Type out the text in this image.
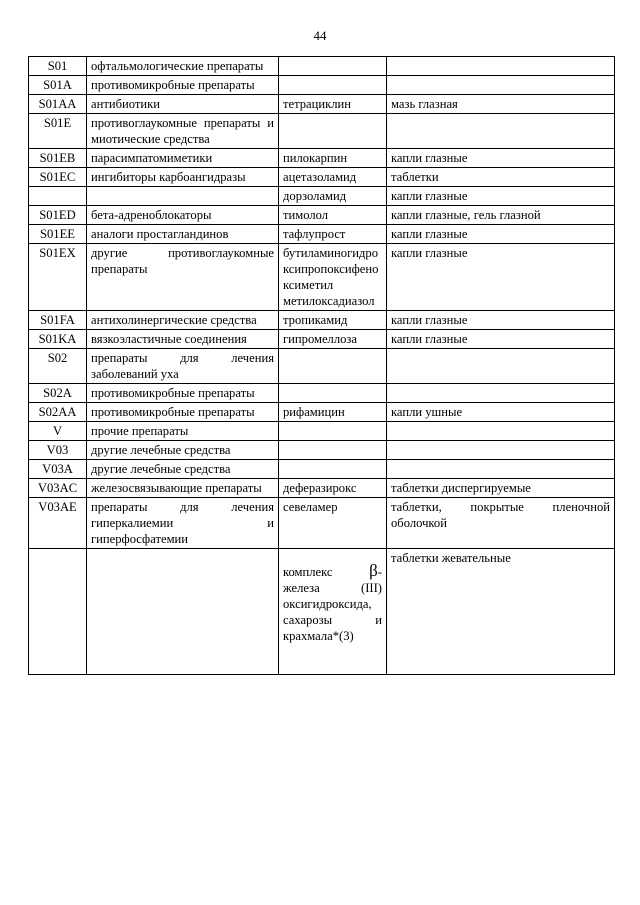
44
S01	офтальмологические препараты		
S01A	противомикробные препараты		
S01AA	антибиотики	тетрациклин	мазь глазная
S01E	противоглаукомные препараты и миотические средства		
S01EB	парасимпатомиметики	пилокарпин	капли глазные
S01EC	ингибиторы карбоангидразы	ацетазоламид	таблетки
		дорзоламид	капли глазные
S01ED	бета-адреноблокаторы	тимолол	капли глазные, гель глазной
S01EE	аналоги простагландинов	тафлупрост	капли глазные
S01EX	другие противоглаукомные препараты	бутиламиногидроксипропоксифеноксиметил метилоксадиазол	капли глазные
S01FA	антихолинергические средства	тропикамид	капли глазные
S01KA	вязкоэластичные соединения	гипромеллоза	капли глазные
S02	препараты для лечения заболеваний уха		
S02A	противомикробные препараты		
S02AA	противомикробные препараты	рифамицин	капли ушные
V	прочие препараты		
V03	другие лечебные средства		
V03A	другие лечебные средства		
V03AC	железосвязывающие препараты	деферазирокс	таблетки диспергируемые
V03AE	препараты для лечения гиперкалиемии и гиперфосфатемии	севеламер	таблетки, покрытые пленочной оболочкой
		комплекс β-железа (III) оксигидроксида, сахарозы и крахмала*(3)	таблетки жевательные
